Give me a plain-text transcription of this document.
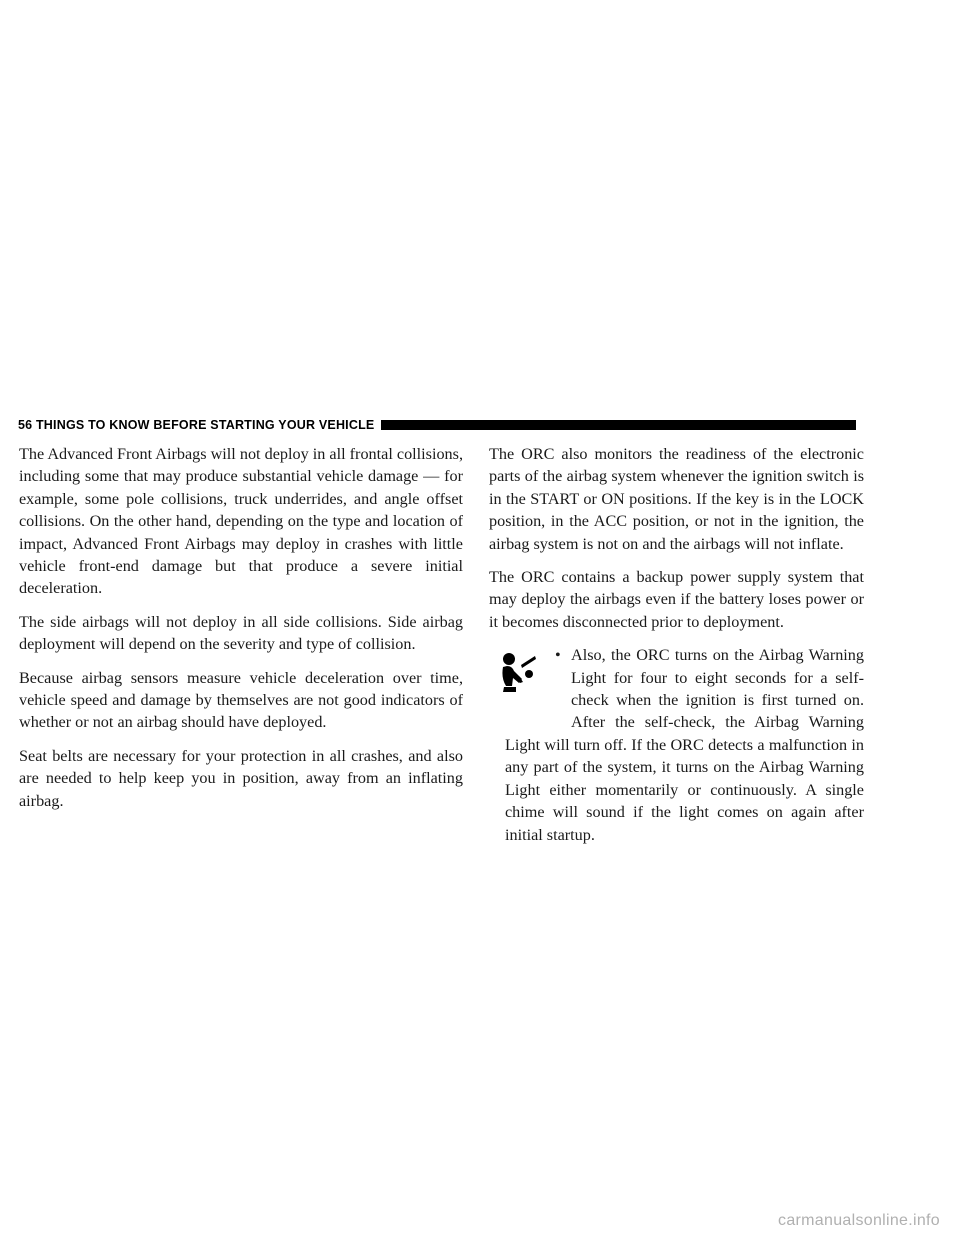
56 THINGS TO KNOW BEFORE STARTING YOUR VEHICLE

The Advanced Front Airbags will not deploy in all frontal collisions, including some that may produce substantial vehicle damage — for example, some pole collisions, truck underrides, and angle offset collisions. On the other hand, depending on the type and location of impact, Advanced Front Airbags may deploy in crashes with little vehicle front-end damage but that produce a severe initial deceleration.

The side airbags will not deploy in all side collisions. Side airbag deployment will depend on the severity and type of collision.

Because airbag sensors measure vehicle deceleration over time, vehicle speed and damage by themselves are not good indicators of whether or not an airbag should have deployed.

Seat belts are necessary for your protection in all crashes, and also are needed to help keep you in position, away from an inflating airbag.

The ORC also monitors the readiness of the electronic parts of the airbag system whenever the ignition switch is in the START or ON positions. If the key is in the LOCK position, in the ACC position, or not in the ignition, the airbag system is not on and the airbags will not inflate.

The ORC contains a backup power supply system that may deploy the airbags even if the battery loses power or it becomes disconnected prior to deployment.

• Also, the ORC turns on the Airbag Warning Light for four to eight seconds for a self-check when the ignition is first turned on. After the self-check, the Airbag Warning Light will turn off. If the ORC detects a malfunction in any part of the system, it turns on the Airbag Warning Light either momentarily or continuously. A single chime will sound if the light comes on again after initial startup.

carmanualsonline.info
